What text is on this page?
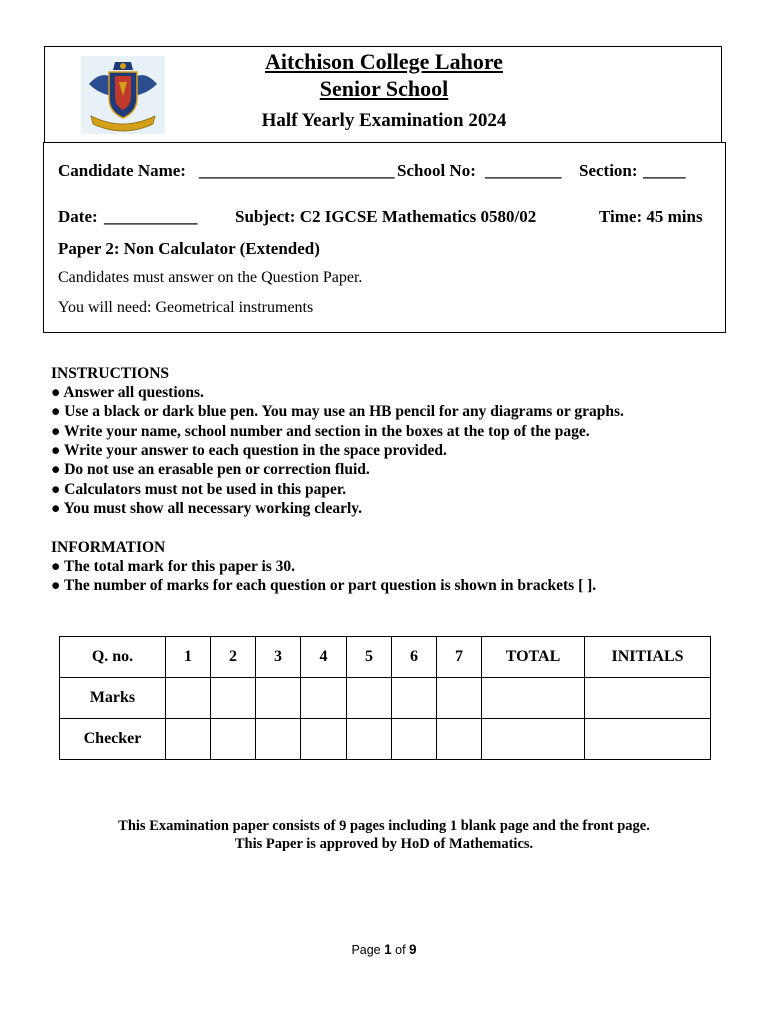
Aitchison College Lahore
Senior School
Half Yearly Examination 2024
Candidate Name: _______________________ School No: _________ Section: _____
Date: ___________ Subject: C2 IGCSE Mathematics 0580/02	Time: 45 mins
Paper 2: Non Calculator (Extended)
Candidates must answer on the Question Paper.
You will need: Geometrical instruments
INSTRUCTIONS
● Answer all questions.
● Use a black or dark blue pen. You may use an HB pencil for any diagrams or graphs.
● Write your name, school number and section in the boxes at the top of the page.
● Write your answer to each question in the space provided.
● Do not use an erasable pen or correction fluid.
● Calculators must not be used in this paper.
● You must show all necessary working clearly.
INFORMATION
● The total mark for this paper is 30.
● The number of marks for each question or part question is shown in brackets [ ].
Q. no.	1	2	3	4	5	6	7	TOTAL	INITIALS
Marks									
Checker									
This Examination paper consists of 9 pages including 1 blank page and the front page.
This Paper is approved by HoD of Mathematics.
Page 1 of 9
